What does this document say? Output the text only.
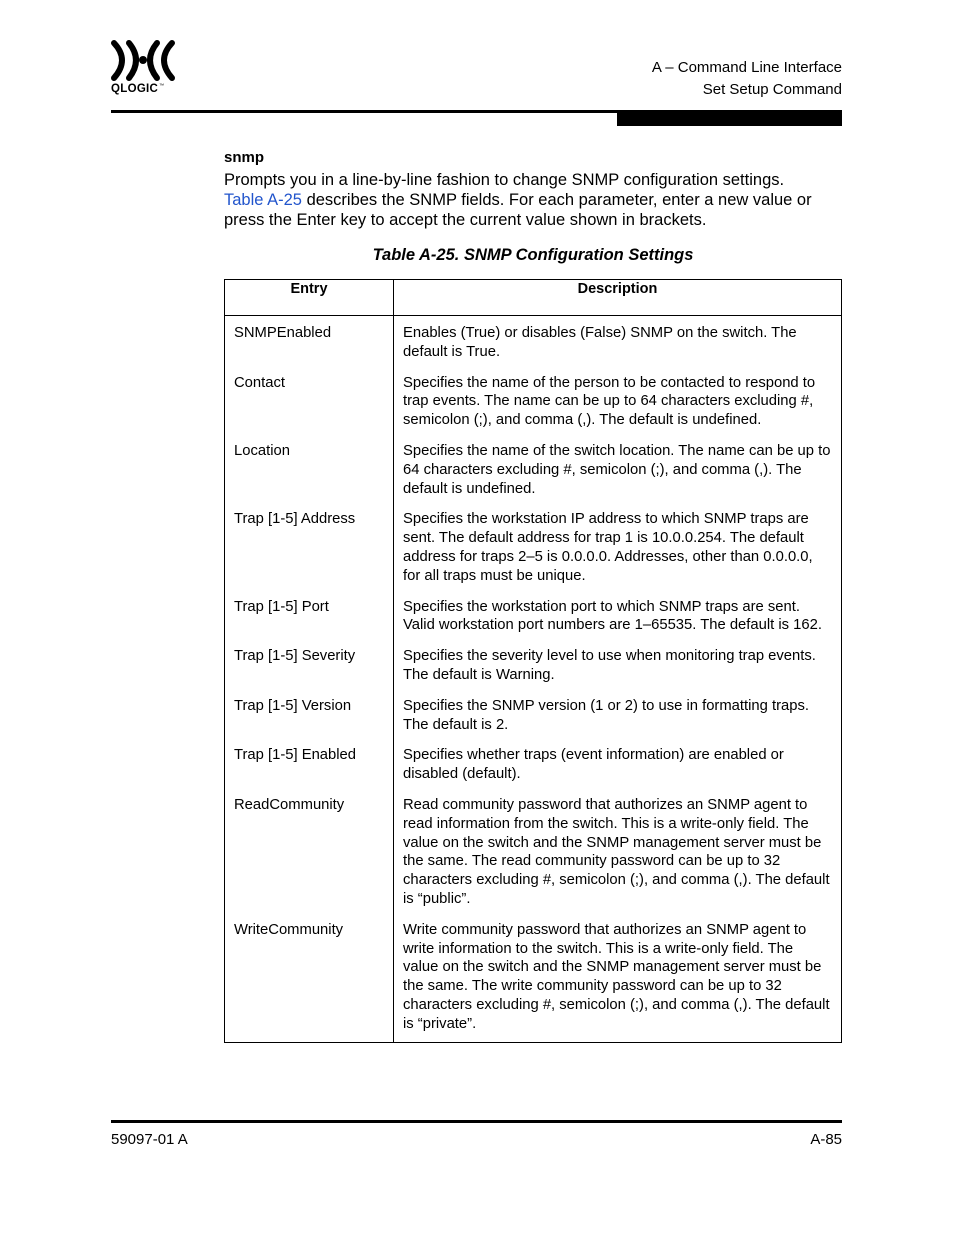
QLOGIC™
A – Command Line Interface
Set Setup Command
snmp
Prompts you in a line-by-line fashion to change SNMP configuration settings.
Table A-25 describes the SNMP fields. For each parameter, enter a new value or press the Enter key to accept the current value shown in brackets.
Table A-25. SNMP Configuration Settings
Entry	Description
SNMPEnabled	Enables (True) or disables (False) SNMP on the switch. The default is True.
Contact	Specifies the name of the person to be contacted to respond to trap events. The name can be up to 64 characters excluding #, semicolon (;), and comma (,). The default is undefined.
Location	Specifies the name of the switch location. The name can be up to 64 characters excluding #, semicolon (;), and comma (,). The default is undefined.
Trap [1-5] Address	Specifies the workstation IP address to which SNMP traps are sent. The default address for trap 1 is 10.0.0.254. The default address for traps 2–5 is 0.0.0.0. Addresses, other than 0.0.0.0, for all traps must be unique.
Trap [1-5] Port	Specifies the workstation port to which SNMP traps are sent. Valid workstation port numbers are 1–65535. The default is 162.
Trap [1-5] Severity	Specifies the severity level to use when monitoring trap events. The default is Warning.
Trap [1-5] Version	Specifies the SNMP version (1 or 2) to use in formatting traps. The default is 2.
Trap [1-5] Enabled	Specifies whether traps (event information) are enabled or disabled (default).
ReadCommunity	Read community password that authorizes an SNMP agent to read information from the switch. This is a write-only field. The value on the switch and the SNMP management server must be the same. The read community password can be up to 32 characters excluding #, semicolon (;), and comma (,). The default is “public”.
WriteCommunity	Write community password that authorizes an SNMP agent to write information to the switch. This is a write-only field. The value on the switch and the SNMP management server must be the same. The write community password can be up to 32 characters excluding #, semicolon (;), and comma (,). The default is “private”.
59097-01 A	A-85
